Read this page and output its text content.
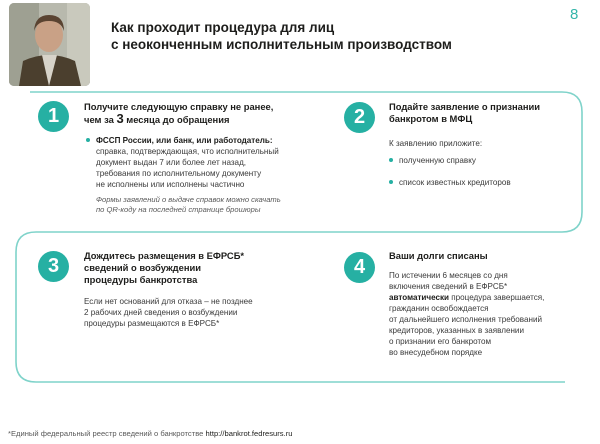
Как проходит процедура для лиц
с неоконченным исполнительным производством
8
1	Получите следующую справку не ранее,
чем за 3 месяца до обращения
ФССП России, или банк, или работодатель:
справка, подтверждающая, что исполнительный
документ выдан 7 или более лет назад,
требования по исполнительному документу
не исполнены или исполнены частично
Формы заявлений о выдаче справок можно скачать
по QR-коду на последней странице брошюры
2	Подайте заявление о признании
банкротом в МФЦ
К заявлению приложите:
полученную справку
список известных кредиторов
3	Дождитесь размещения в ЕФРСБ*
сведений о возбуждении
процедуры банкротства
Если нет оснований для отказа – не позднее
2 рабочих дней сведения о возбуждении
процедуры размещаются в ЕФРСБ*
4
Ваши долги списаны
По истечении 6 месяцев со дня
включения сведений в ЕФРСБ*
автоматически процедура завершается,
гражданин освобождается
от дальнейшего исполнения требований
кредиторов, указанных в заявлении
о признании его банкротом
во внесудебном порядке
*Единый федеральный реестр сведений о банкротстве http://bankrot.fedresurs.ru
